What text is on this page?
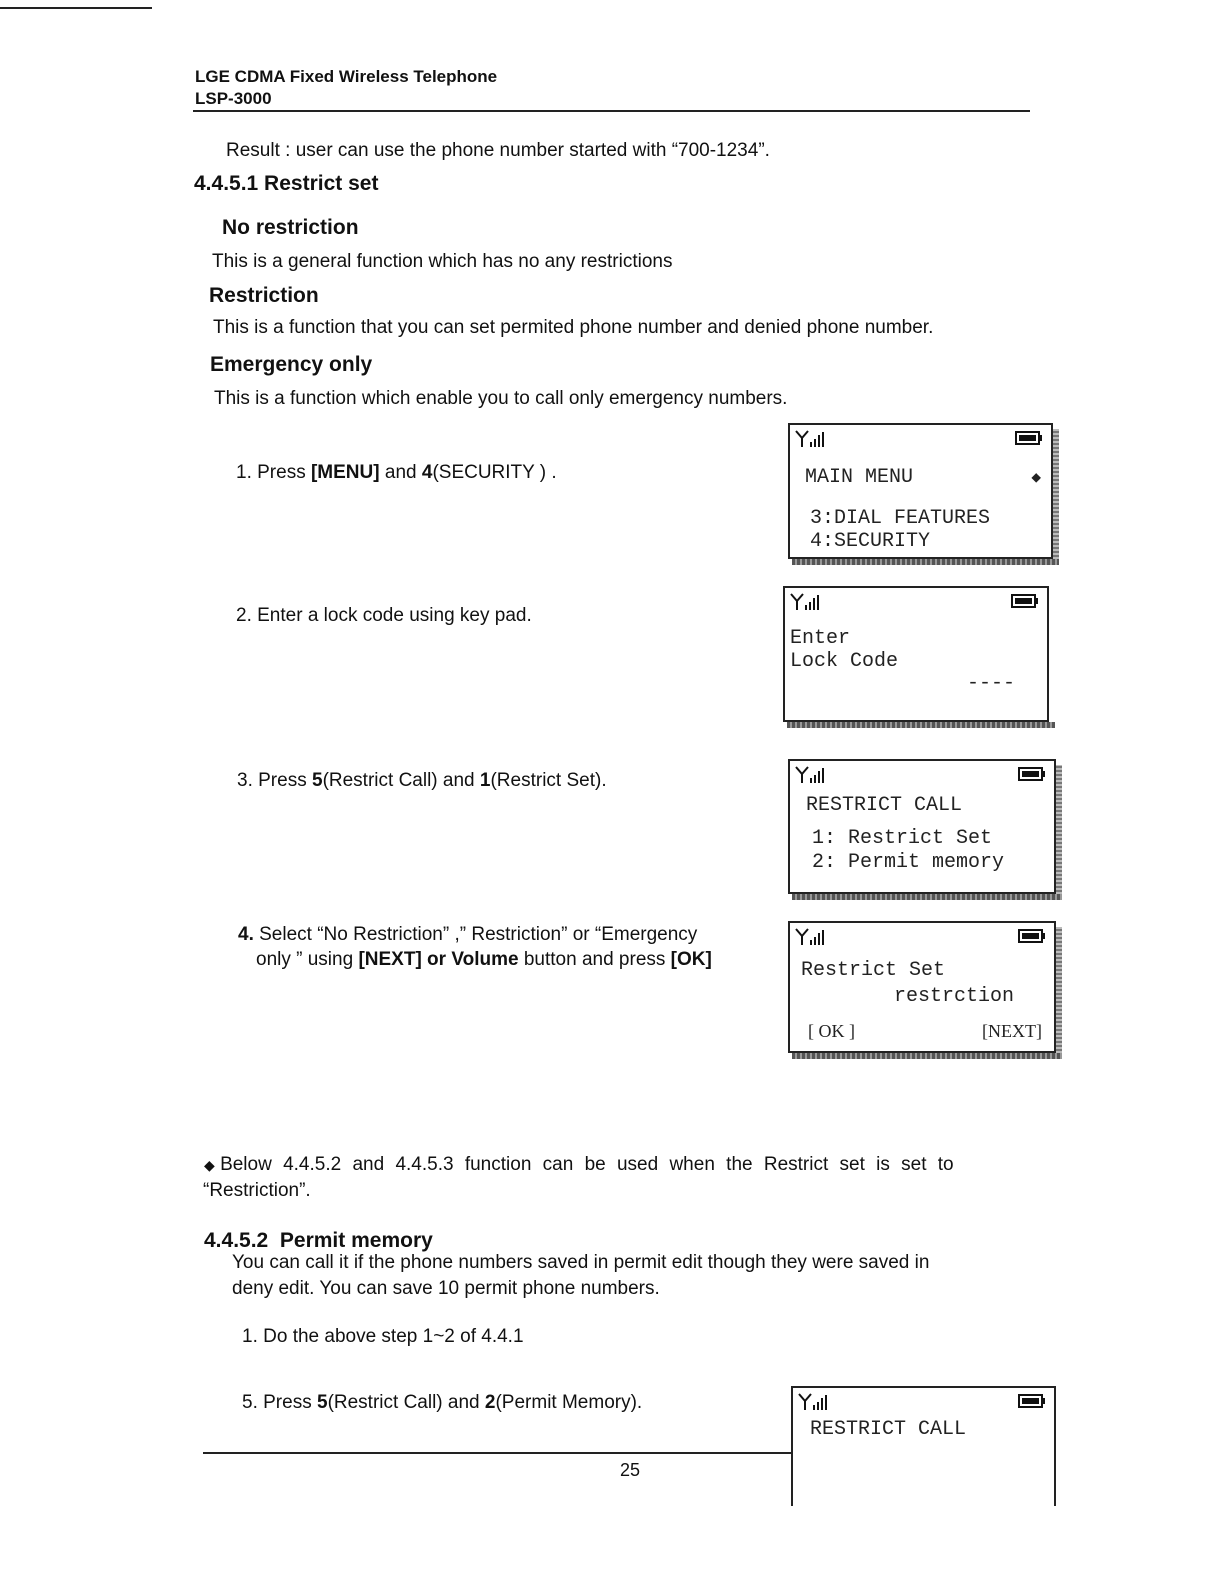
LGE CDMA Fixed Wireless Telephone
LSP-3000
Result : user can use the phone number started with “700-1234”.
4.4.5.1 Restrict set
No restriction
This is a general function which has no any restrictions
Restriction
This is a function that you can set permited phone number and denied phone number.
Emergency only
This is a function which enable you to call only emergency numbers.
1. Press [MENU] and 4(SECURITY ) .	MAIN MENU	◆
3:DIAL FEATURES
4:SECURITY
2. Enter a lock code using key pad.
Enter
Lock Code
----
3. Press 5(Restrict Call) and 1(Restrict Set).
RESTRICT CALL
1: Restrict Set
2: Permit memory
4. Select “No Restriction” ,” Restriction” or “Emergency
only ” using [NEXT] or Volume button and press [OK]	Restrict Set
restrction
[ OK ]	[NEXT]
◆ Below 4.4.5.2 and 4.4.5.3 function can be used when the Restrict set is set to
“Restriction”.
4.4.5.2 Permit memory
You can call it if the phone numbers saved in permit edit though they were saved in
deny edit. You can save 10 permit phone numbers.
1. Do the above step 1~2 of 4.4.1
5. Press 5(Restrict Call) and 2(Permit Memory).
RESTRICT CALL
25
